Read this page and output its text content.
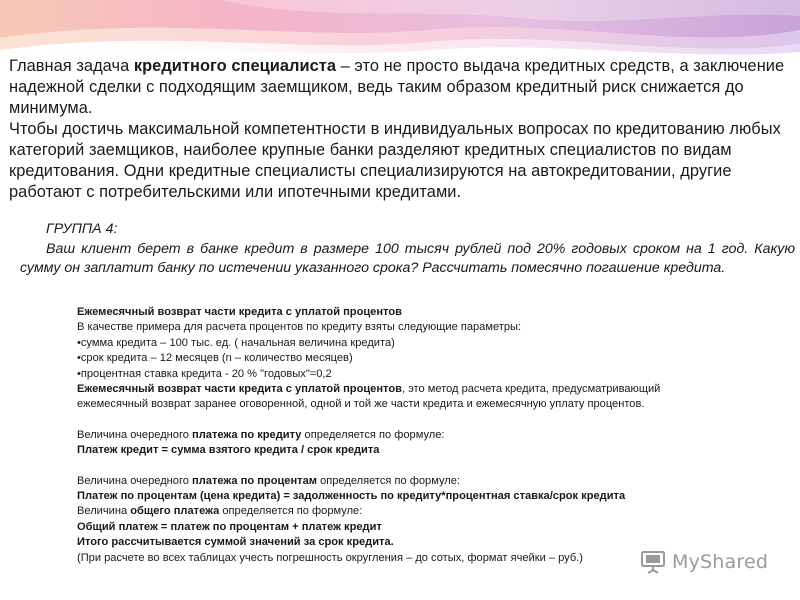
Главная задача кредитного специалиста – это не просто выдача кредитных средств, а заключение надежной сделки с подходящим заемщиком, ведь таким образом кредитный риск снижается до минимума.

Чтобы достичь максимальной компетентности в индивидуальных вопросах по кредитованию любых категорий заемщиков, наиболее крупные банки разделяют кредитных специалистов по видам кредитования. Одни кредитные специалисты специализируются на автокредитовании, другие работают с потребительскими или ипотечными кредитами.

ГРУППА 4:
Ваш клиент берет в банке кредит в размере 100 тысяч рублей под 20% годовых сроком на 1 год. Какую сумму он заплатит банку по истечении указанного срока? Рассчитать помесячно погашение кредита.
Ежемесячный возврат части кредита с уплатой процентов
В качестве примера для расчета процентов по кредиту взяты следующие параметры:
•сумма кредита – 100 тыс. ед. ( начальная величина кредита)
•срок кредита – 12 месяцев (n – количество месяцев)
•процентная ставка кредита - 20 % "годовых"=0,2
Ежемесячный возврат части кредита с уплатой процентов, это метод расчета кредита, предусматривающий
ежемесячный возврат заранее оговоренной, одной и той же части кредита и ежемесячную уплату процентов.
Величина очередного платежа по кредиту определяется по формуле:
Платеж кредит = сумма взятого кредита / срок кредита
Величина очередного платежа по процентам определяется по формуле:
Платеж по процентам (цена кредита) = задолженность по кредиту*процентная ставка/срок кредита
Величина общего платежа определяется по формуле:
Общий платеж = платеж по процентам + платеж кредит
Итого рассчитывается суммой значений за срок кредита.
(При расчете во всех таблицах учесть погрешность округления – до сотых, формат ячейки – руб.)	MyShared
